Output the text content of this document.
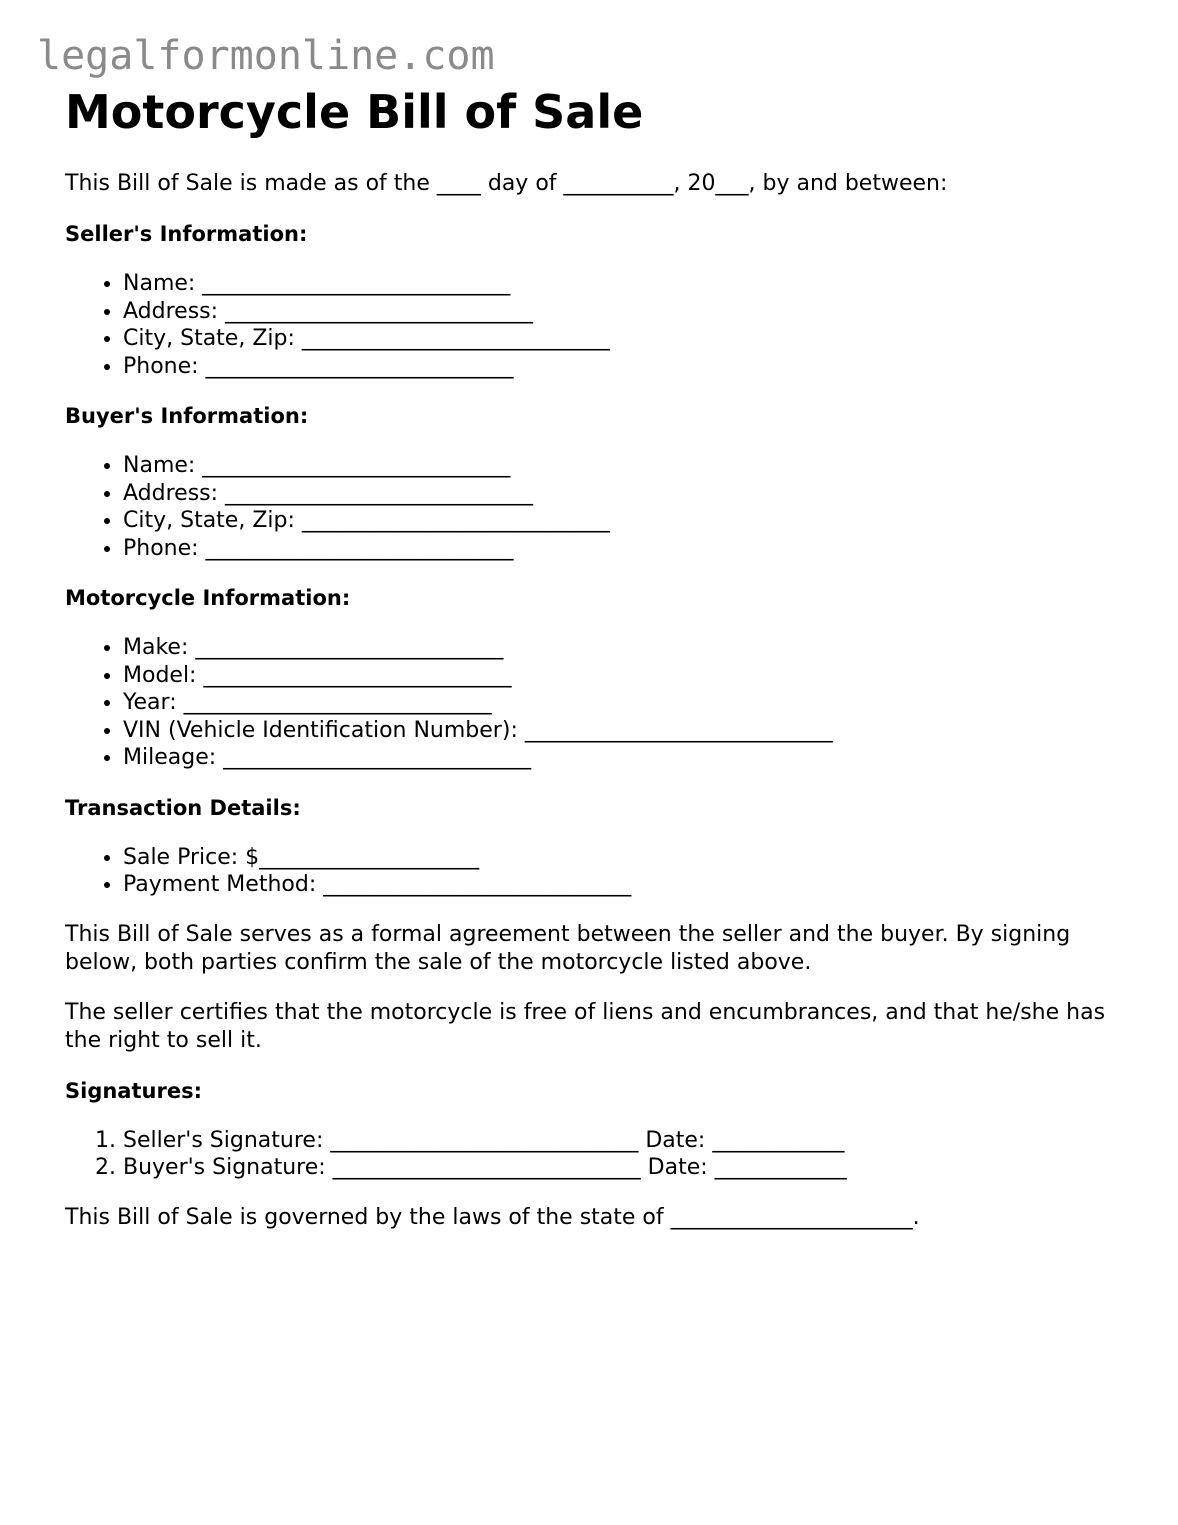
legalformonline.com
Motorcycle Bill of Sale

This Bill of Sale is made as of the ____ day of __________, 20___, by and between:

Seller's Information:

• Name: ____________________________
• Address: ____________________________
• City, State, Zip: ____________________________
• Phone: ____________________________

Buyer's Information:

• Name: ____________________________
• Address: ____________________________
• City, State, Zip: ____________________________
• Phone: ____________________________

Motorcycle Information:

• Make: ____________________________
• Model: ____________________________
• Year: ____________________________
• VIN (Vehicle Identification Number): ____________________________
• Mileage: ____________________________

Transaction Details:

• Sale Price: $____________________
• Payment Method: ____________________________

This Bill of Sale serves as a formal agreement between the seller and the buyer. By signing below, both parties confirm the sale of the motorcycle listed above.

The seller certifies that the motorcycle is free of liens and encumbrances, and that he/she has the right to sell it.

Signatures:

1. Seller's Signature: ____________________________ Date: ____________
2. Buyer's Signature: ____________________________ Date: ____________

This Bill of Sale is governed by the laws of the state of ______________________.
